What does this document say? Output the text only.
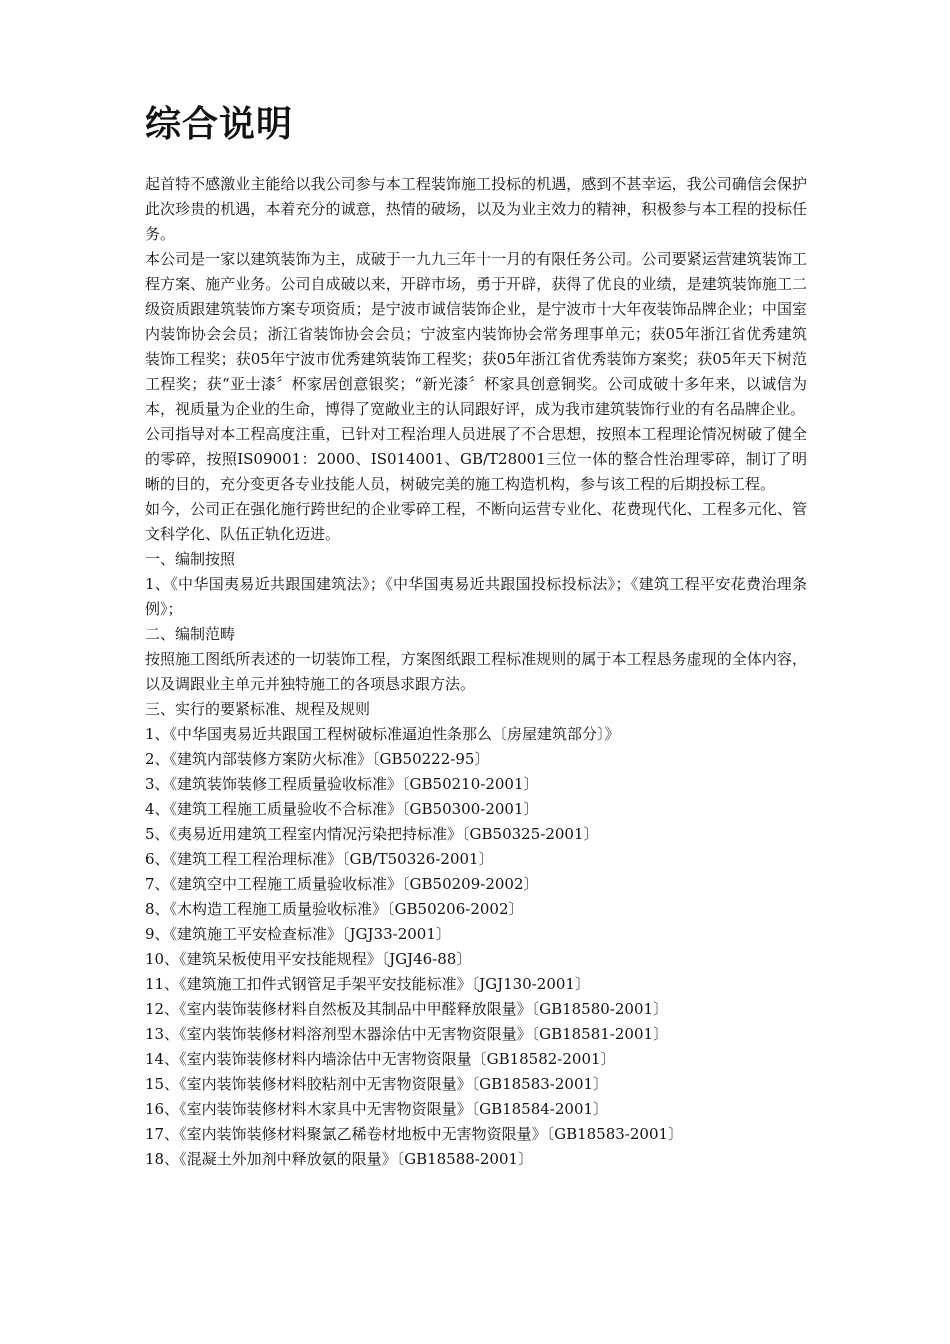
综合说明

起首特不感激业主能给以我公司参与本工程装饰施工投标的机遇，感到不甚幸运，我公司确信会保护此次珍贵的机遇，本着充分的诚意，热情的破场，以及为业主效力的精神，积极参与本工程的投标任务。

本公司是一家以建筑装饰为主，成破于一九九三年十一月的有限任务公司。公司要紧运营建筑装饰工程方案、施产业务。公司自成破以来，开辟市场，勇于开辟，获得了优良的业绩，是建筑装饰施工二级资质跟建筑装饰方案专项资质；是宁波市诚信装饰企业，是宁波市十大年夜装饰品牌企业；中国室内装饰协会会员；浙江省装饰协会会员；宁波室内装饰协会常务理事单元；获05年浙江省优秀建筑装饰工程奖；获05年宁波市优秀建筑装饰工程奖；获05年浙江省优秀装饰方案奖；获05年天下树范工程奖；获“亚士漆〞杯家居创意银奖；“新光漆〞杯家具创意铜奖。公司成破十多年来，以诚信为本，视质量为企业的生命，博得了宽敞业主的认同跟好评，成为我市建筑装饰行业的有名品牌企业。

公司指导对本工程高度注重，已针对工程治理人员进展了不合思想，按照本工程理论情况树破了健全的零碎，按照IS09001：2000、IS014001、GB/T28001三位一体的整合性治理零碎，制订了明晰的目的，充分变更各专业技能人员，树破完美的施工构造机构，参与该工程的后期投标工程。

如今，公司正在强化施行跨世纪的企业零碎工程，不断向运营专业化、花费现代化、工程多元化、管文科学化、队伍正轨化迈进。

一、编制按照

1、《中华国夷易近共跟国建筑法》；《中华国夷易近共跟国投标投标法》；《建筑工程平安花费治理条例》；

二、编制范畴

按照施工图纸所表述的一切装饰工程，方案图纸跟工程标准规则的属于本工程恳务虚现的全体内容，以及调跟业主单元并独特施工的各项恳求跟方法。

三、实行的要紧标准、规程及规则

1、《中华国夷易近共跟国工程树破标准逼迫性条那么〔房屋建筑部分〕》

2、《建筑内部装修方案防火标准》〔GB50222-95〕

3、《建筑装饰装修工程质量验收标准》〔GB50210-2001〕

4、《建筑工程施工质量验收不合标准》〔GB50300-2001〕

5、《夷易近用建筑工程室内情况污染把持标准》〔GB50325-2001〕

6、《建筑工程工程治理标准》〔GB/T50326-2001〕

7、《建筑空中工程施工质量验收标准》〔GB50209-2002〕

8、《木构造工程施工质量验收标准》〔GB50206-2002〕

9、《建筑施工平安检查标准》〔JGJ33-2001〕

10、《建筑呆板使用平安技能规程》〔JGJ46-88〕

11、《建筑施工扣件式钢管足手架平安技能标准》〔JGJ130-2001〕

12、《室内装饰装修材料自然板及其制品中甲醛释放限量》〔GB18580-2001〕

13、《室内装饰装修材料溶剂型木器涂估中无害物资限量》〔GB18581-2001〕

14、《室内装饰装修材料内墙涂估中无害物资限量〔GB18582-2001〕

15、《室内装饰装修材料胶粘剂中无害物资限量》〔GB18583-2001〕

16、《室内装饰装修材料木家具中无害物资限量》〔GB18584-2001〕

17、《室内装饰装修材料聚氯乙稀卷材地板中无害物资限量》〔GB18583-2001〕

18、《混凝土外加剂中释放氨的限量》〔GB18588-2001〕
